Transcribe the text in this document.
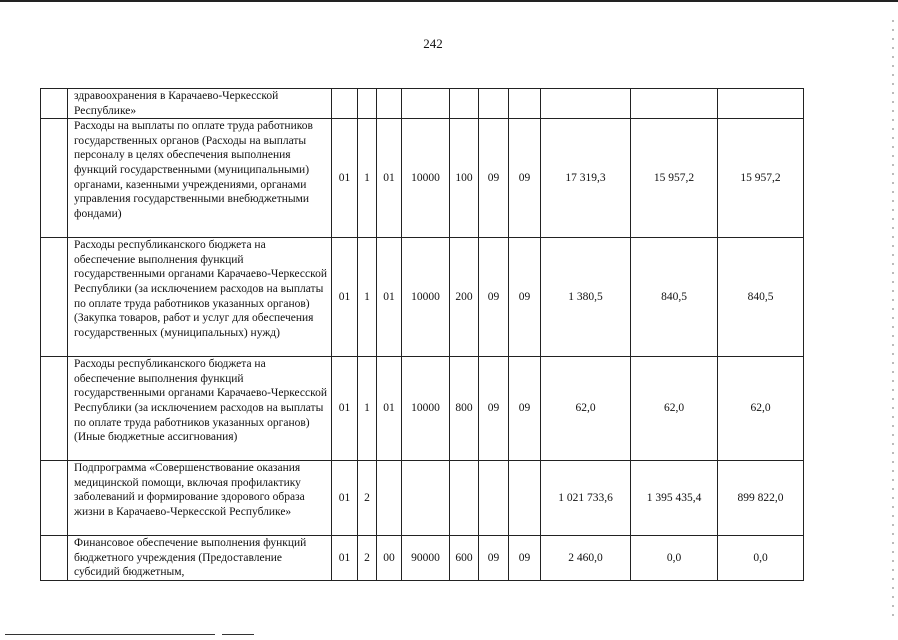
242
	здравоохранения в Карачаево-Черкесской Республике»										
	Расходы на выплаты по оплате труда работников государственных органов (Расходы на выплаты персоналу в целях обеспечения выполнения функций государственными (муниципальными) органами, казенными учреждениями, органами управления государственными внебюджетными фондами)	01	1	01	10000	100	09	09	17 319,3	15 957,2	15 957,2
	Расходы республиканского бюджета на обеспечение выполнения функций государственными органами Карачаево-Черкесской Республики (за исключением расходов на выплаты по оплате труда работников указанных органов) (Закупка товаров, работ и услуг для обеспечения государственных (муниципальных) нужд)	01	1	01	10000	200	09	09	1 380,5	840,5	840,5
	Расходы республиканского бюджета на обеспечение выполнения функций государственными органами Карачаево-Черкесской Республики (за исключением расходов на выплаты по оплате труда работников указанных органов) (Иные бюджетные ассигнования)	01	1	01	10000	800	09	09	62,0	62,0	62,0
	Подпрограмма «Совершенствование оказания медицинской помощи, включая профилактику заболеваний и формирование здорового образа жизни в Карачаево-Черкесской Республике»	01	2						1 021 733,6	1 395 435,4	899 822,0
	Финансовое обеспечение выполнения функций бюджетного учреждения (Предоставление субсидий бюджетным,	01	2	00	90000	600	09	09	2 460,0	0,0	0,0
